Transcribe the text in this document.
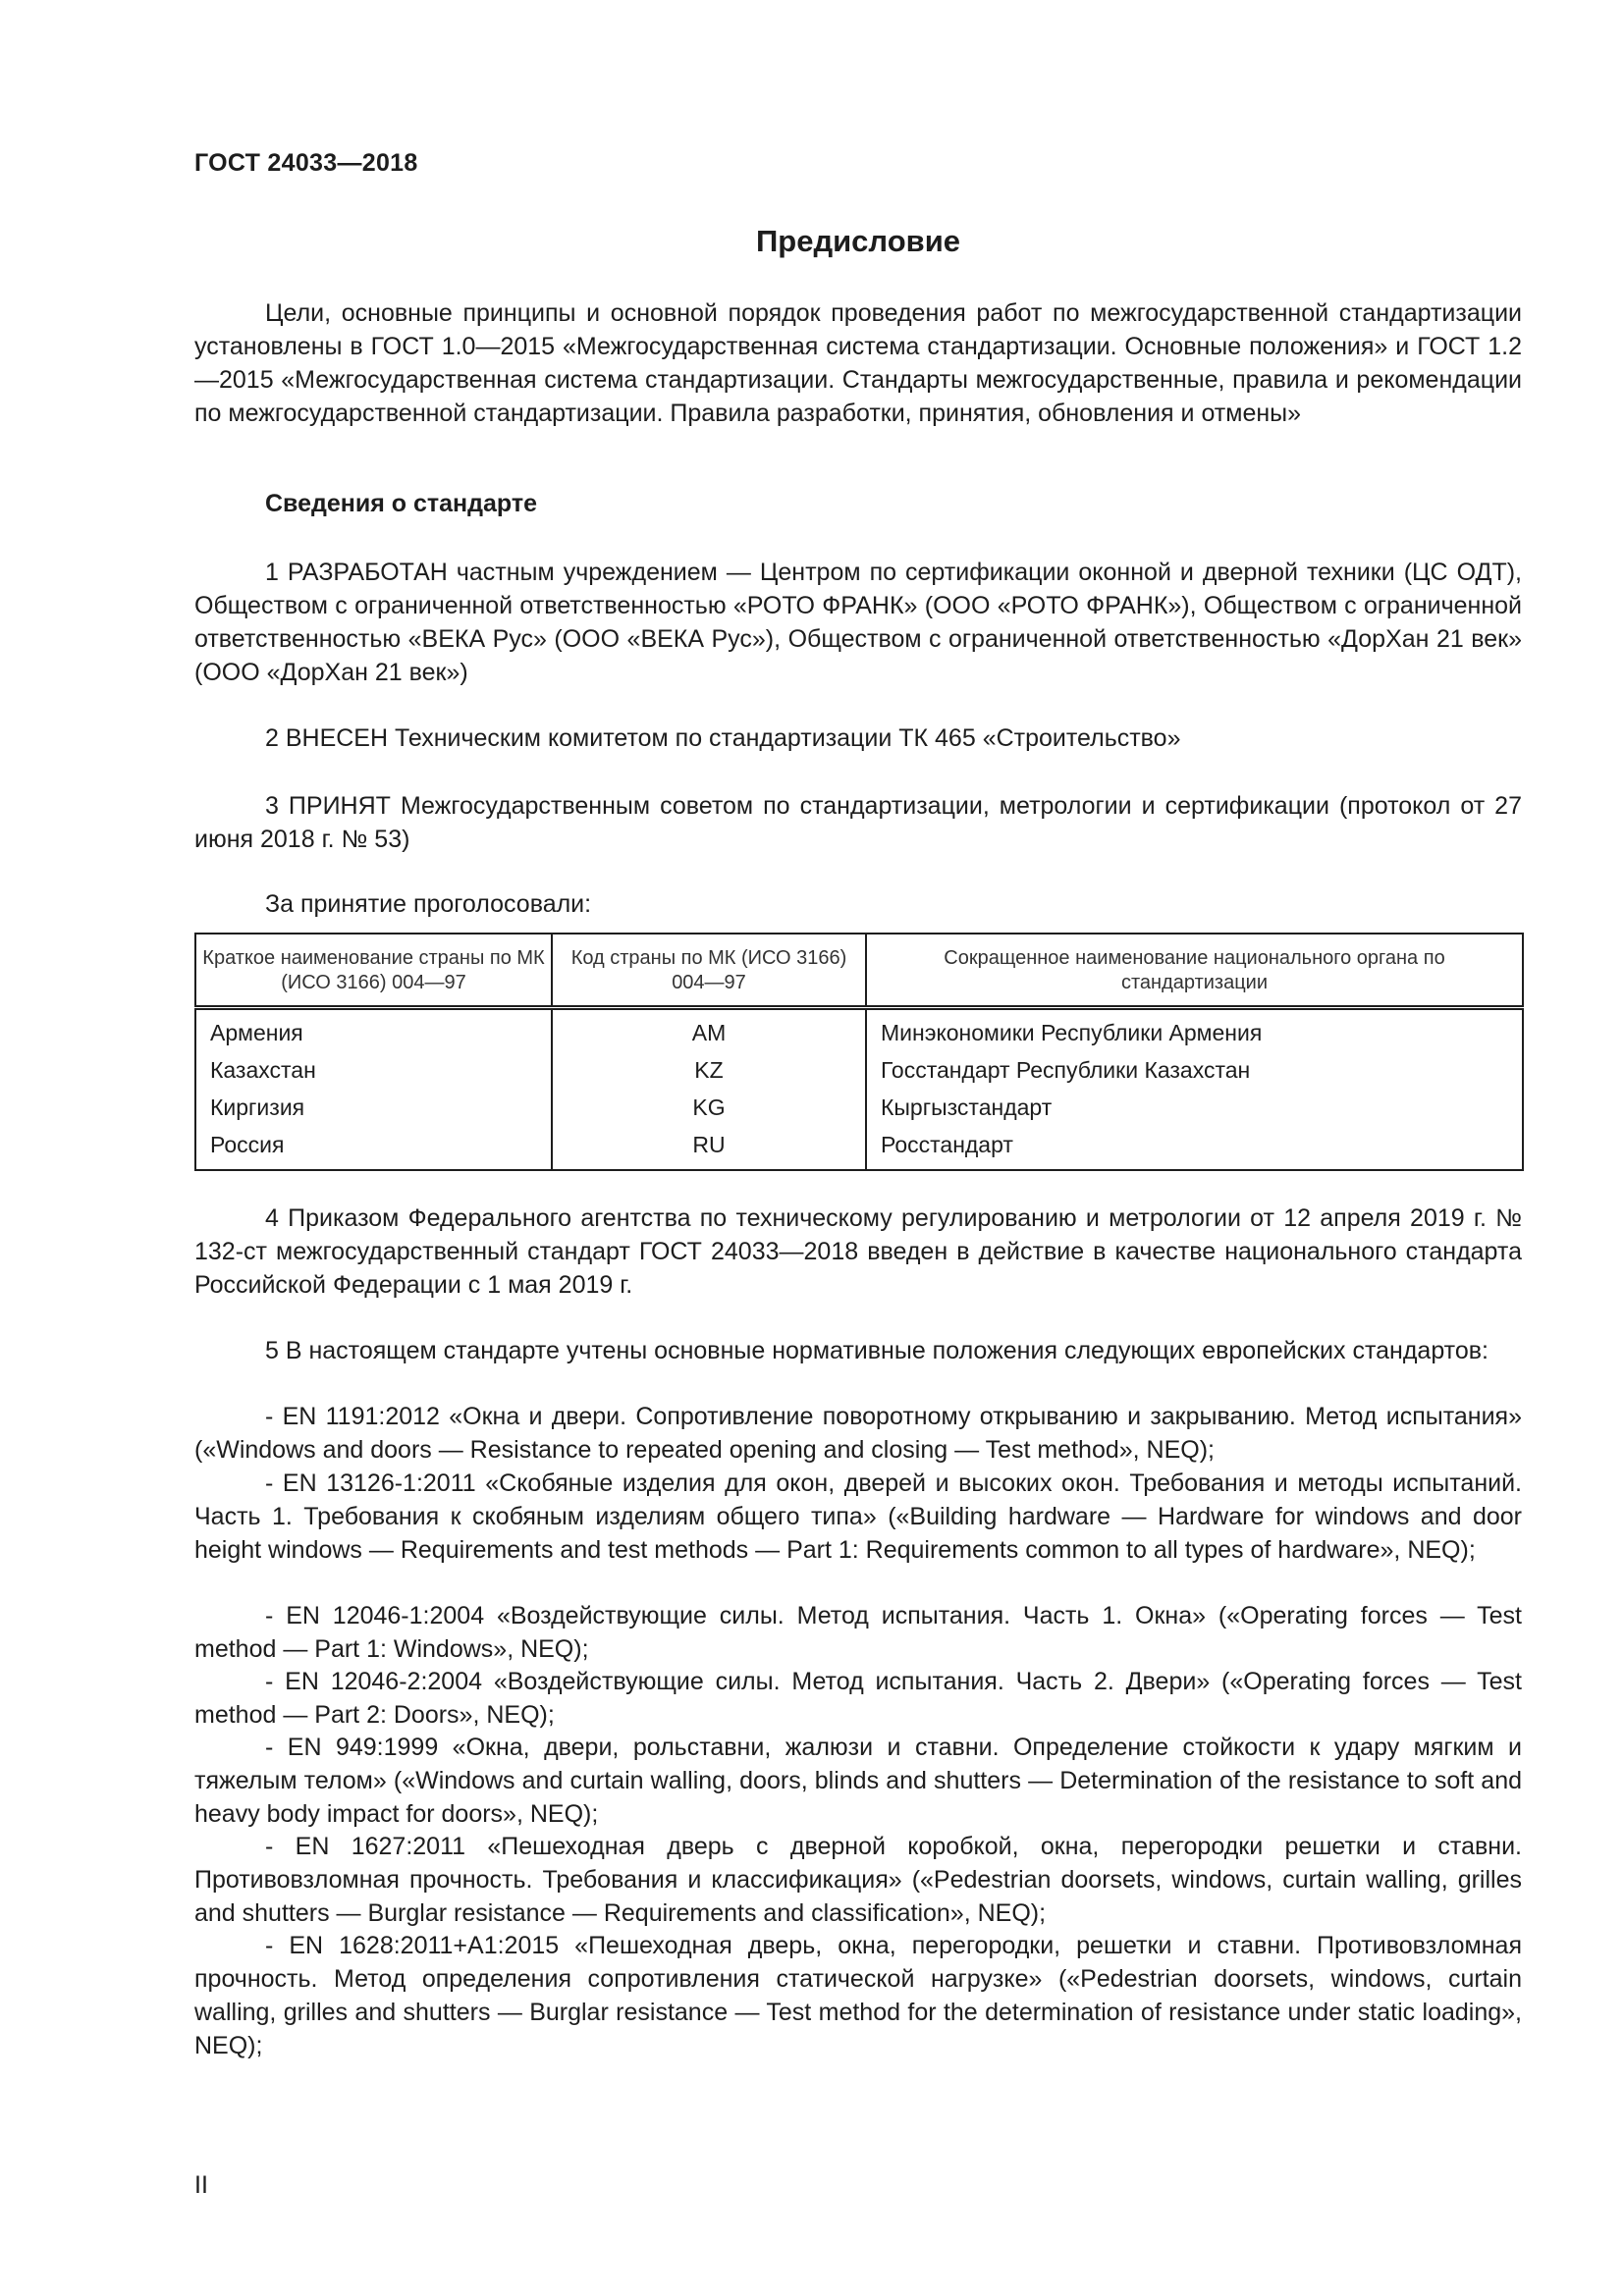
ГОСТ 24033—2018
Предисловие

Цели, основные принципы и основной порядок проведения работ по межгосударственной стандартизации установлены в ГОСТ 1.0—2015 «Межгосударственная система стандартизации. Основные положения» и ГОСТ 1.2—2015 «Межгосударственная система стандартизации. Стандарты межгосударственные, правила и рекомендации по межгосударственной стандартизации. Правила разработки, принятия, обновления и отмены»

Сведения о стандарте

1 РАЗРАБОТАН частным учреждением — Центром по сертификации оконной и дверной техники (ЦС ОДТ), Обществом с ограниченной ответственностью «РОТО ФРАНК» (ООО «РОТО ФРАНК»), Обществом с ограниченной ответственностью «ВЕКА Рус» (ООО «ВЕКА Рус»), Обществом с ограниченной ответственностью «ДорХан 21 век» (ООО «ДорХан 21 век»)

2 ВНЕСЕН Техническим комитетом по стандартизации ТК 465 «Строительство»

3 ПРИНЯТ Межгосударственным советом по стандартизации, метрологии и сертификации (протокол от 27 июня 2018 г. № 53)

За принятие проголосовали:

Краткое наименование страны по МК (ИСО 3166) 004—97	Код страны по МК (ИСО 3166) 004—97	Сокращенное наименование национального органа по стандартизации
Армения	AM	Минэкономики Республики Армения
Казахстан	KZ	Госстандарт Республики Казахстан
Киргизия	KG	Кыргызстандарт
Россия	RU	Росстандарт

4 Приказом Федерального агентства по техническому регулированию и метрологии от 12 апреля 2019 г. № 132-ст межгосударственный стандарт ГОСТ 24033—2018 введен в действие в качестве национального стандарта Российской Федерации с 1 мая 2019 г.

5 В настоящем стандарте учтены основные нормативные положения следующих европейских стандартов:

- EN 1191:2012 «Окна и двери. Сопротивление поворотному открыванию и закрыванию. Метод испытания» («Windows and doors — Resistance to repeated opening and closing — Test method», NEQ);

- EN 13126-1:2011 «Скобяные изделия для окон, дверей и высоких окон. Требования и методы испытаний. Часть 1. Требования к скобяным изделиям общего типа» («Building hardware — Hardware for windows and door height windows — Requirements and test methods — Part 1: Requirements common to all types of hardware», NEQ);

- EN 12046-1:2004 «Воздействующие силы. Метод испытания. Часть 1. Окна» («Operating forces — Test method — Part 1: Windows», NEQ);

- EN 12046-2:2004 «Воздействующие силы. Метод испытания. Часть 2. Двери» («Operating forces — Test method — Part 2: Doors», NEQ);

- EN 949:1999 «Окна, двери, рольставни, жалюзи и ставни. Определение стойкости к удару мягким и тяжелым телом» («Windows and curtain walling, doors, blinds and shutters — Determination of the resistance to soft and heavy body impact for doors», NEQ);

- EN 1627:2011 «Пешеходная дверь с дверной коробкой, окна, перегородки решетки и ставни. Противовзломная прочность. Требования и классификация» («Pedestrian doorsets, windows, curtain walling, grilles and shutters — Burglar resistance — Requirements and classification», NEQ);

- EN 1628:2011+A1:2015 «Пешеходная дверь, окна, перегородки, решетки и ставни. Противовзломная прочность. Метод определения сопротивления статической нагрузке» («Pedestrian doorsets, windows, curtain walling, grilles and shutters — Burglar resistance — Test method for the determination of resistance under static loading», NEQ);

II
